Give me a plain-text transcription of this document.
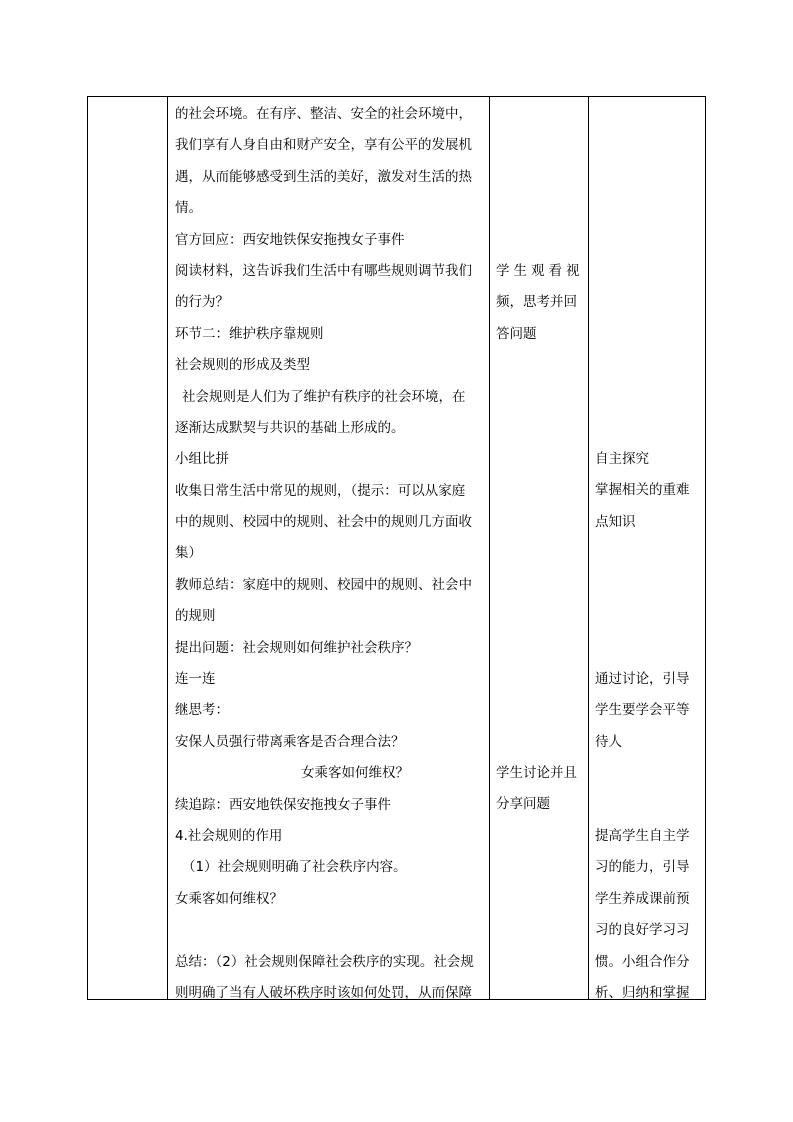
的社会环境。在有序、整洁、安全的社会环境中，
我们享有人身自由和财产安全，享有公平的发展机
遇，从而能够感受到生活的美好，激发对生活的热
情。
官方回应：西安地铁保安拖拽女子事件
阅读材料，这告诉我们生活中有哪些规则调节我们
的行为？
环节二：维护秩序靠规则
社会规则的形成及类型
社会规则是人们为了维护有秩序的社会环境，在
逐渐达成默契与共识的基础上形成的。
小组比拼
收集日常生活中常见的规则，（提示：可以从家庭
中的规则、校园中的规则、社会中的规则几方面收
集）
教师总结：家庭中的规则、校园中的规则、社会中
的规则
提出问题：社会规则如何维护社会秩序？
连一连
继思考：
安保人员强行带离乘客是否合理合法？
女乘客如何维权？
续追踪：西安地铁保安拖拽女子事件
4.社会规则的作用
（1）社会规则明确了社会秩序内容。
女乘客如何维权？
总结：（2）社会规则保障社会秩序的实现。社会规
则明确了当有人破坏秩序时该如何处罚，从而保障
学生观看视
频，思考并回
答问题
学生讨论并且
分享问题
自主探究
掌握相关的重难
点知识
通过讨论，引导
学生要学会平等
待人
提高学生自主学
习的能力，引导
学生养成课前预
习的良好学习习
惯。小组合作分
析、归纳和掌握
